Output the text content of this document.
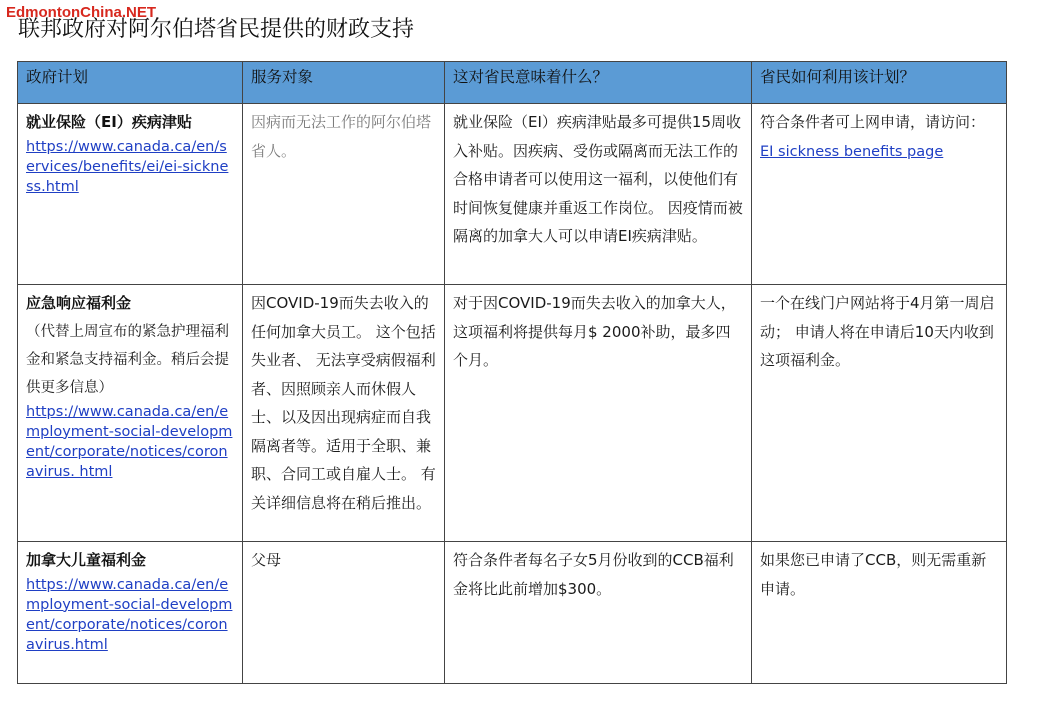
EdmontonChina.NET
联邦政府对阿尔伯塔省民提供的财政支持
政府计划	服务对象	这对省民意味着什么？	省民如何利用该计划？

就业保险（EI）疾病津贴
https://www.canada.ca/en/services/benefits/ei/ei-sickness.html	因病而无法工作的阿尔伯塔省人。	就业保险（EI）疾病津贴最多可提供15周收入补贴。因疾病、受伤或隔离而无法工作的合格申请者可以使用这一福利，以使他们有时间恢复健康并重返工作岗位。 因疫情而被隔离的加拿大人可以申请EI疾病津贴。	符合条件者可上网申请，请访问：
EI sickness benefits page

应急响应福利金
（代替上周宣布的紧急护理福利金和紧急支持福利金。稍后会提供更多信息）
https://www.canada.ca/en/employment-social-development/corporate/notices/coronavirus. html	因COVID-19而失去收入的任何加拿大员工。 这个包括失业者、 无法享受病假福利者、因照顾亲人而休假人士、以及因出现病症而自我隔离者等。适用于全职、兼职、合同工或自雇人士。 有关详细信息将在稍后推出。	对于因COVID-19而失去收入的加拿大人，这项福利将提供每月$ 2000补助，最多四个月。	一个在线门户网站将于4月第一周启动； 申请人将在申请后10天内收到这项福利金。

加拿大儿童福利金
https://www.canada.ca/en/employment-social-development/corporate/notices/coronavirus.html	父母	符合条件者每名子女5月份收到的CCB福利金将比此前增加$300。	如果您已申请了CCB，则无需重新申请。
